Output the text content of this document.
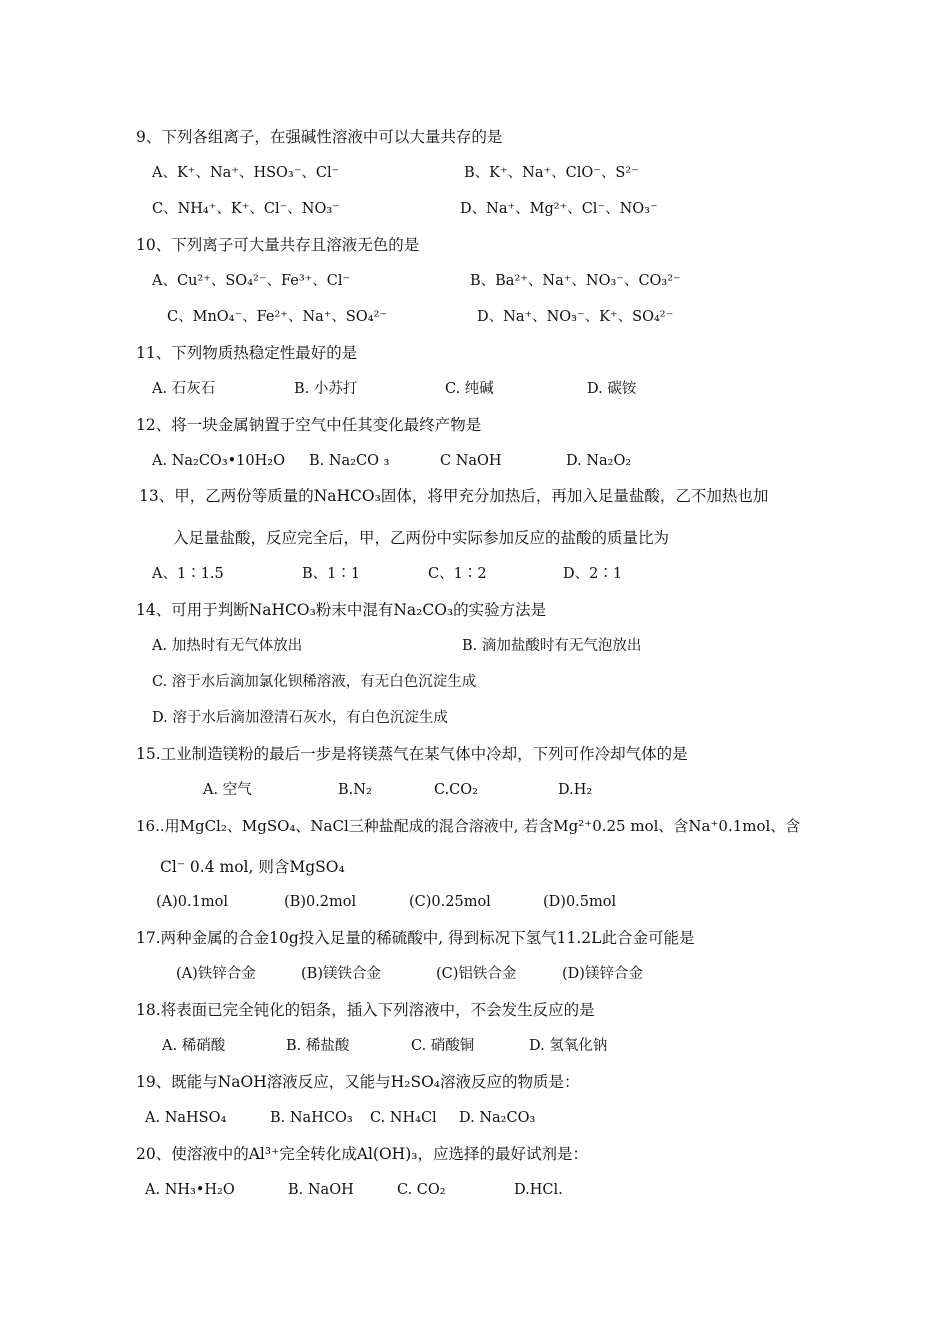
9、下列各组离子，在强碱性溶液中可以大量共存的是
A、K⁺、Na⁺、HSO₃⁻、Cl⁻	B、K⁺、Na⁺、ClO⁻、S²⁻
C、NH₄⁺、K⁺、Cl⁻、NO₃⁻	D、Na⁺、Mg²⁺、Cl⁻、NO₃⁻
10、下列离子可大量共存且溶液无色的是
A、Cu²⁺、SO₄²⁻、Fe³⁺、Cl⁻	B、Ba²⁺、Na⁺、NO₃⁻、CO₃²⁻
C、MnO₄⁻、Fe²⁺、Na⁺、SO₄²⁻	D、Na⁺、NO₃⁻、K⁺、SO₄²⁻
11、下列物质热稳定性最好的是
A. 石灰石	B. 小苏打	C. 纯碱	D. 碳铵
12、将一块金属钠置于空气中任其变化最终产物是
A. Na₂CO₃•10H₂O B. Na₂CO ₃	C NaOH	D. Na₂O₂
13、甲，乙两份等质量的NaHCO₃固体，将甲充分加热后，再加入足量盐酸，乙不加热也加
入足量盐酸，反应完全后，甲，乙两份中实际参加反应的盐酸的质量比为
A、1∶1.5	B、1∶1	C、1∶2	D、2∶1
14、可用于判断NaHCO₃粉末中混有Na₂CO₃的实验方法是
A. 加热时有无气体放出	B. 滴加盐酸时有无气泡放出
C. 溶于水后滴加氯化钡稀溶液，有无白色沉淀生成
D. 溶于水后滴加澄清石灰水，有白色沉淀生成
15.工业制造镁粉的最后一步是将镁蒸气在某气体中冷却，下列可作冷却气体的是
A. 空气	B.N₂	C.CO₂	D.H₂
16..用MgCl₂、MgSO₄、NaCl三种盐配成的混合溶液中, 若含Mg²⁺0.25 mol、含Na⁺0.1mol、含
Cl⁻ 0.4 mol, 则含MgSO₄
(A)0.1mol	(B)0.2mol	(C)0.25mol	(D)0.5mol
17.两种金属的合金10g投入足量的稀硫酸中, 得到标况下氢气11.2L此合金可能是
(A)铁锌合金	(B)镁铁合金	(C)铝铁合金	(D)镁锌合金
18.将表面已完全钝化的铝条，插入下列溶液中，不会发生反应的是
A. 稀硝酸	B. 稀盐酸	C. 硝酸铜	D. 氢氧化钠
19、既能与NaOH溶液反应，又能与H₂SO₄溶液反应的物质是：
A. NaHSO₄	B. NaHCO₃ C. NH₄Cl D. Na₂CO₃
20、使溶液中的Al³⁺完全转化成Al(OH)₃，应选择的最好试剂是：
A. NH₃•H₂O	B. NaOH	C. CO₂	D.HCl.
